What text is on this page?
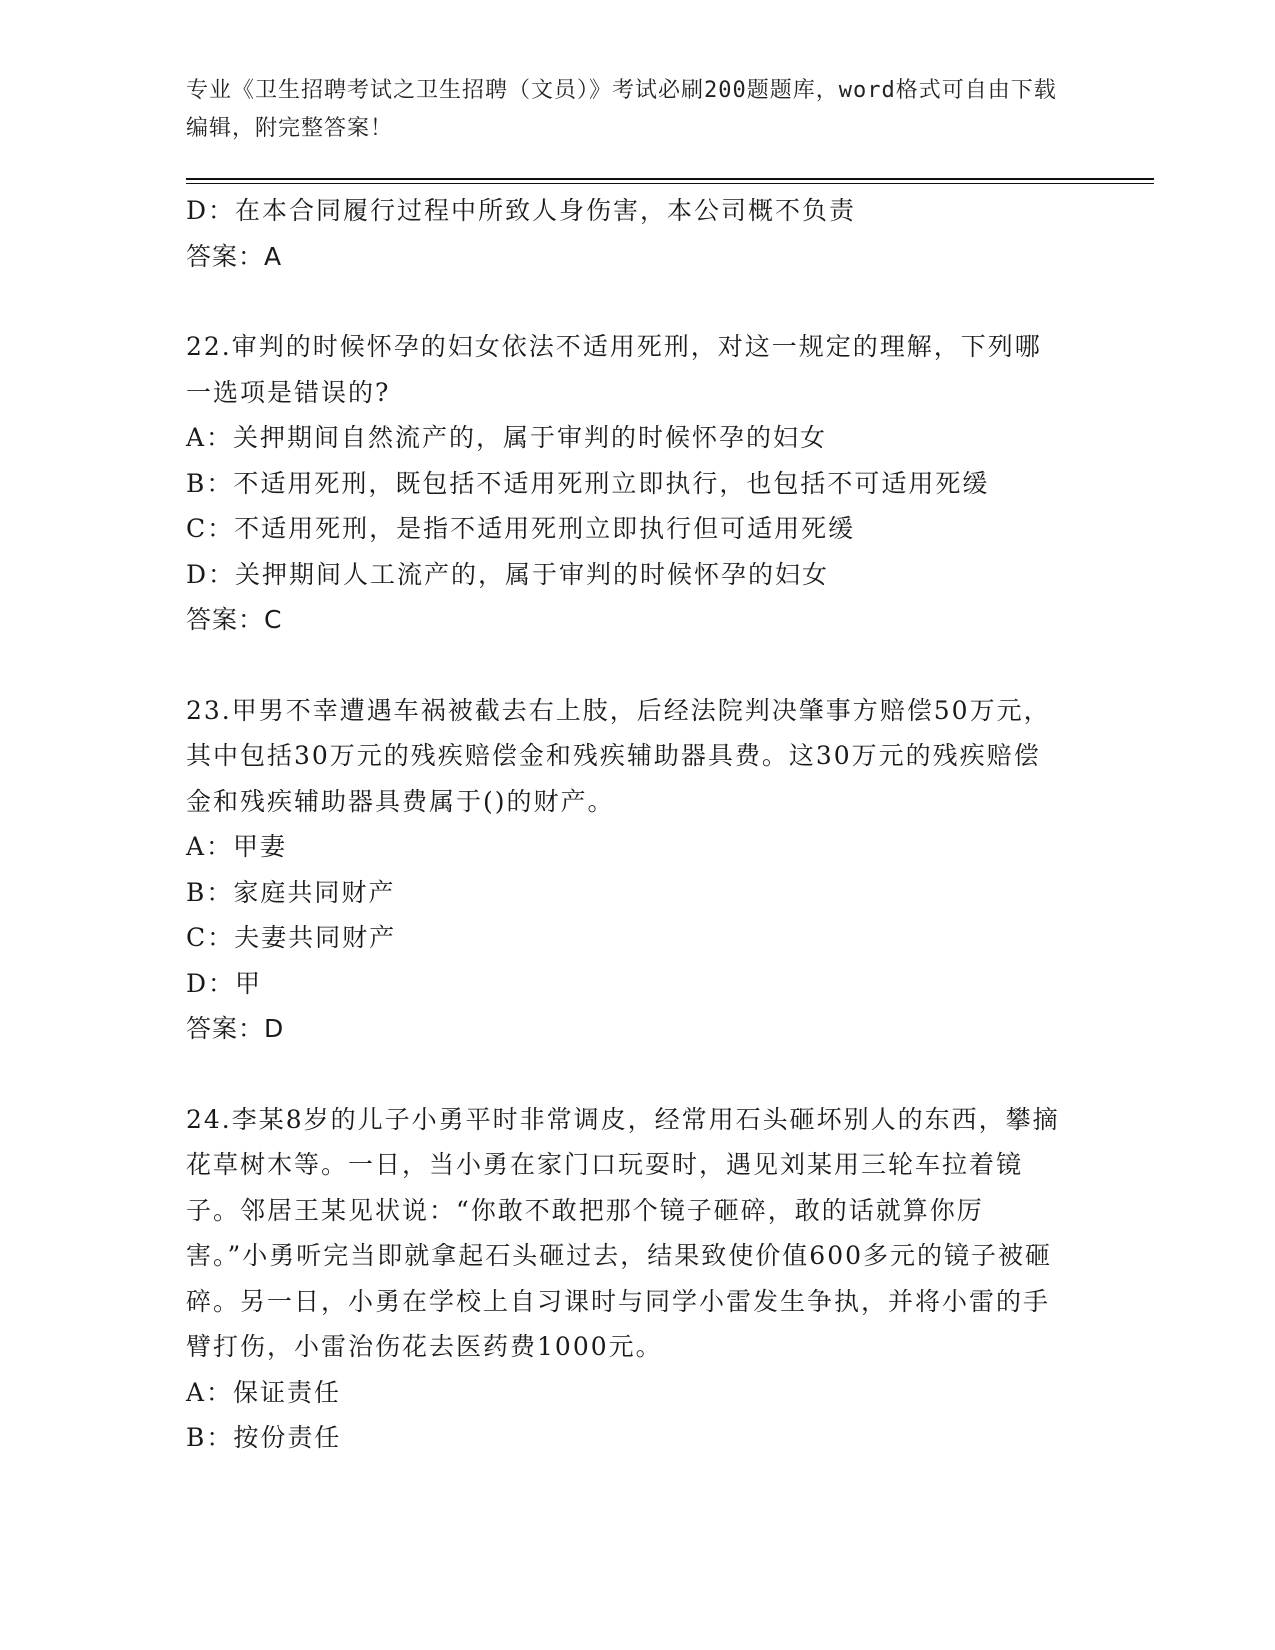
专业《卫生招聘考试之卫生招聘（文员）》考试必刷200题题库，word格式可自由下载编辑，附完整答案！
D：在本合同履行过程中所致人身伤害，本公司概不负责
答案：A
22.审判的时候怀孕的妇女依法不适用死刑，对这一规定的理解，下列哪一选项是错误的?
A：关押期间自然流产的，属于审判的时候怀孕的妇女
B：不适用死刑，既包括不适用死刑立即执行，也包括不可适用死缓
C：不适用死刑，是指不适用死刑立即执行但可适用死缓
D：关押期间人工流产的，属于审判的时候怀孕的妇女
答案：C
23.甲男不幸遭遇车祸被截去右上肢，后经法院判决肇事方赔偿50万元，其中包括30万元的残疾赔偿金和残疾辅助器具费。这30万元的残疾赔偿金和残疾辅助器具费属于()的财产。
A：甲妻
B：家庭共同财产
C：夫妻共同财产
D：甲
答案：D
24.李某8岁的儿子小勇平时非常调皮，经常用石头砸坏别人的东西，攀摘花草树木等。一日，当小勇在家门口玩耍时，遇见刘某用三轮车拉着镜子。邻居王某见状说：“你敢不敢把那个镜子砸碎，敢的话就算你厉害。”小勇听完当即就拿起石头砸过去，结果致使价值600多元的镜子被砸碎。另一日，小勇在学校上自习课时与同学小雷发生争执，并将小雷的手臂打伤，小雷治伤花去医药费1000元。
A：保证责任
B：按份责任
